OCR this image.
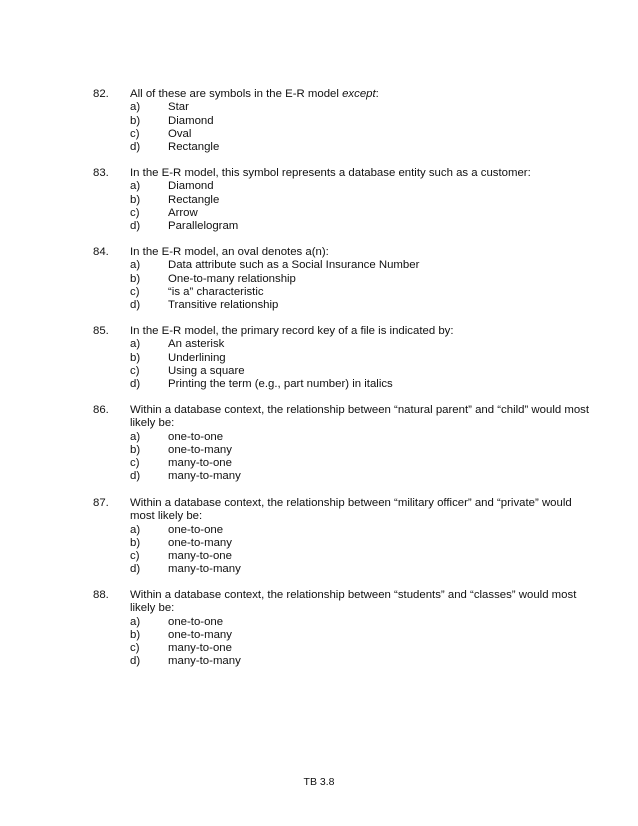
82. All of these are symbols in the E-R model except:
a) Star
b) Diamond
c)	Oval
d) Rectangle
83. In the E-R model, this symbol represents a database entity such as a customer:
a) Diamond
b) Rectangle
c)	Arrow
d) Parallelogram
84. In the E-R model, an oval denotes a(n):
a) Data attribute such as a Social Insurance Number
b) One-to-many relationship
c)	“is a” characteristic
d) Transitive relationship
85. In the E-R model, the primary record key of a file is indicated by:
a) An asterisk
b) Underlining
c)	Using a square
d) Printing the term (e.g., part number) in italics
86. Within a database context, the relationship between “natural parent” and “child” would most likely be:
a) one-to-one
b) one-to-many
c)	many-to-one
d) many-to-many
87. Within a database context, the relationship between “military officer” and “private” would most likely be:
a) one-to-one
b) one-to-many
c)	many-to-one
d) many-to-many
88. Within a database context, the relationship between “students” and “classes” would most likely be:
a) one-to-one
b) one-to-many
c)	many-to-one
d) many-to-many
TB 3.8
